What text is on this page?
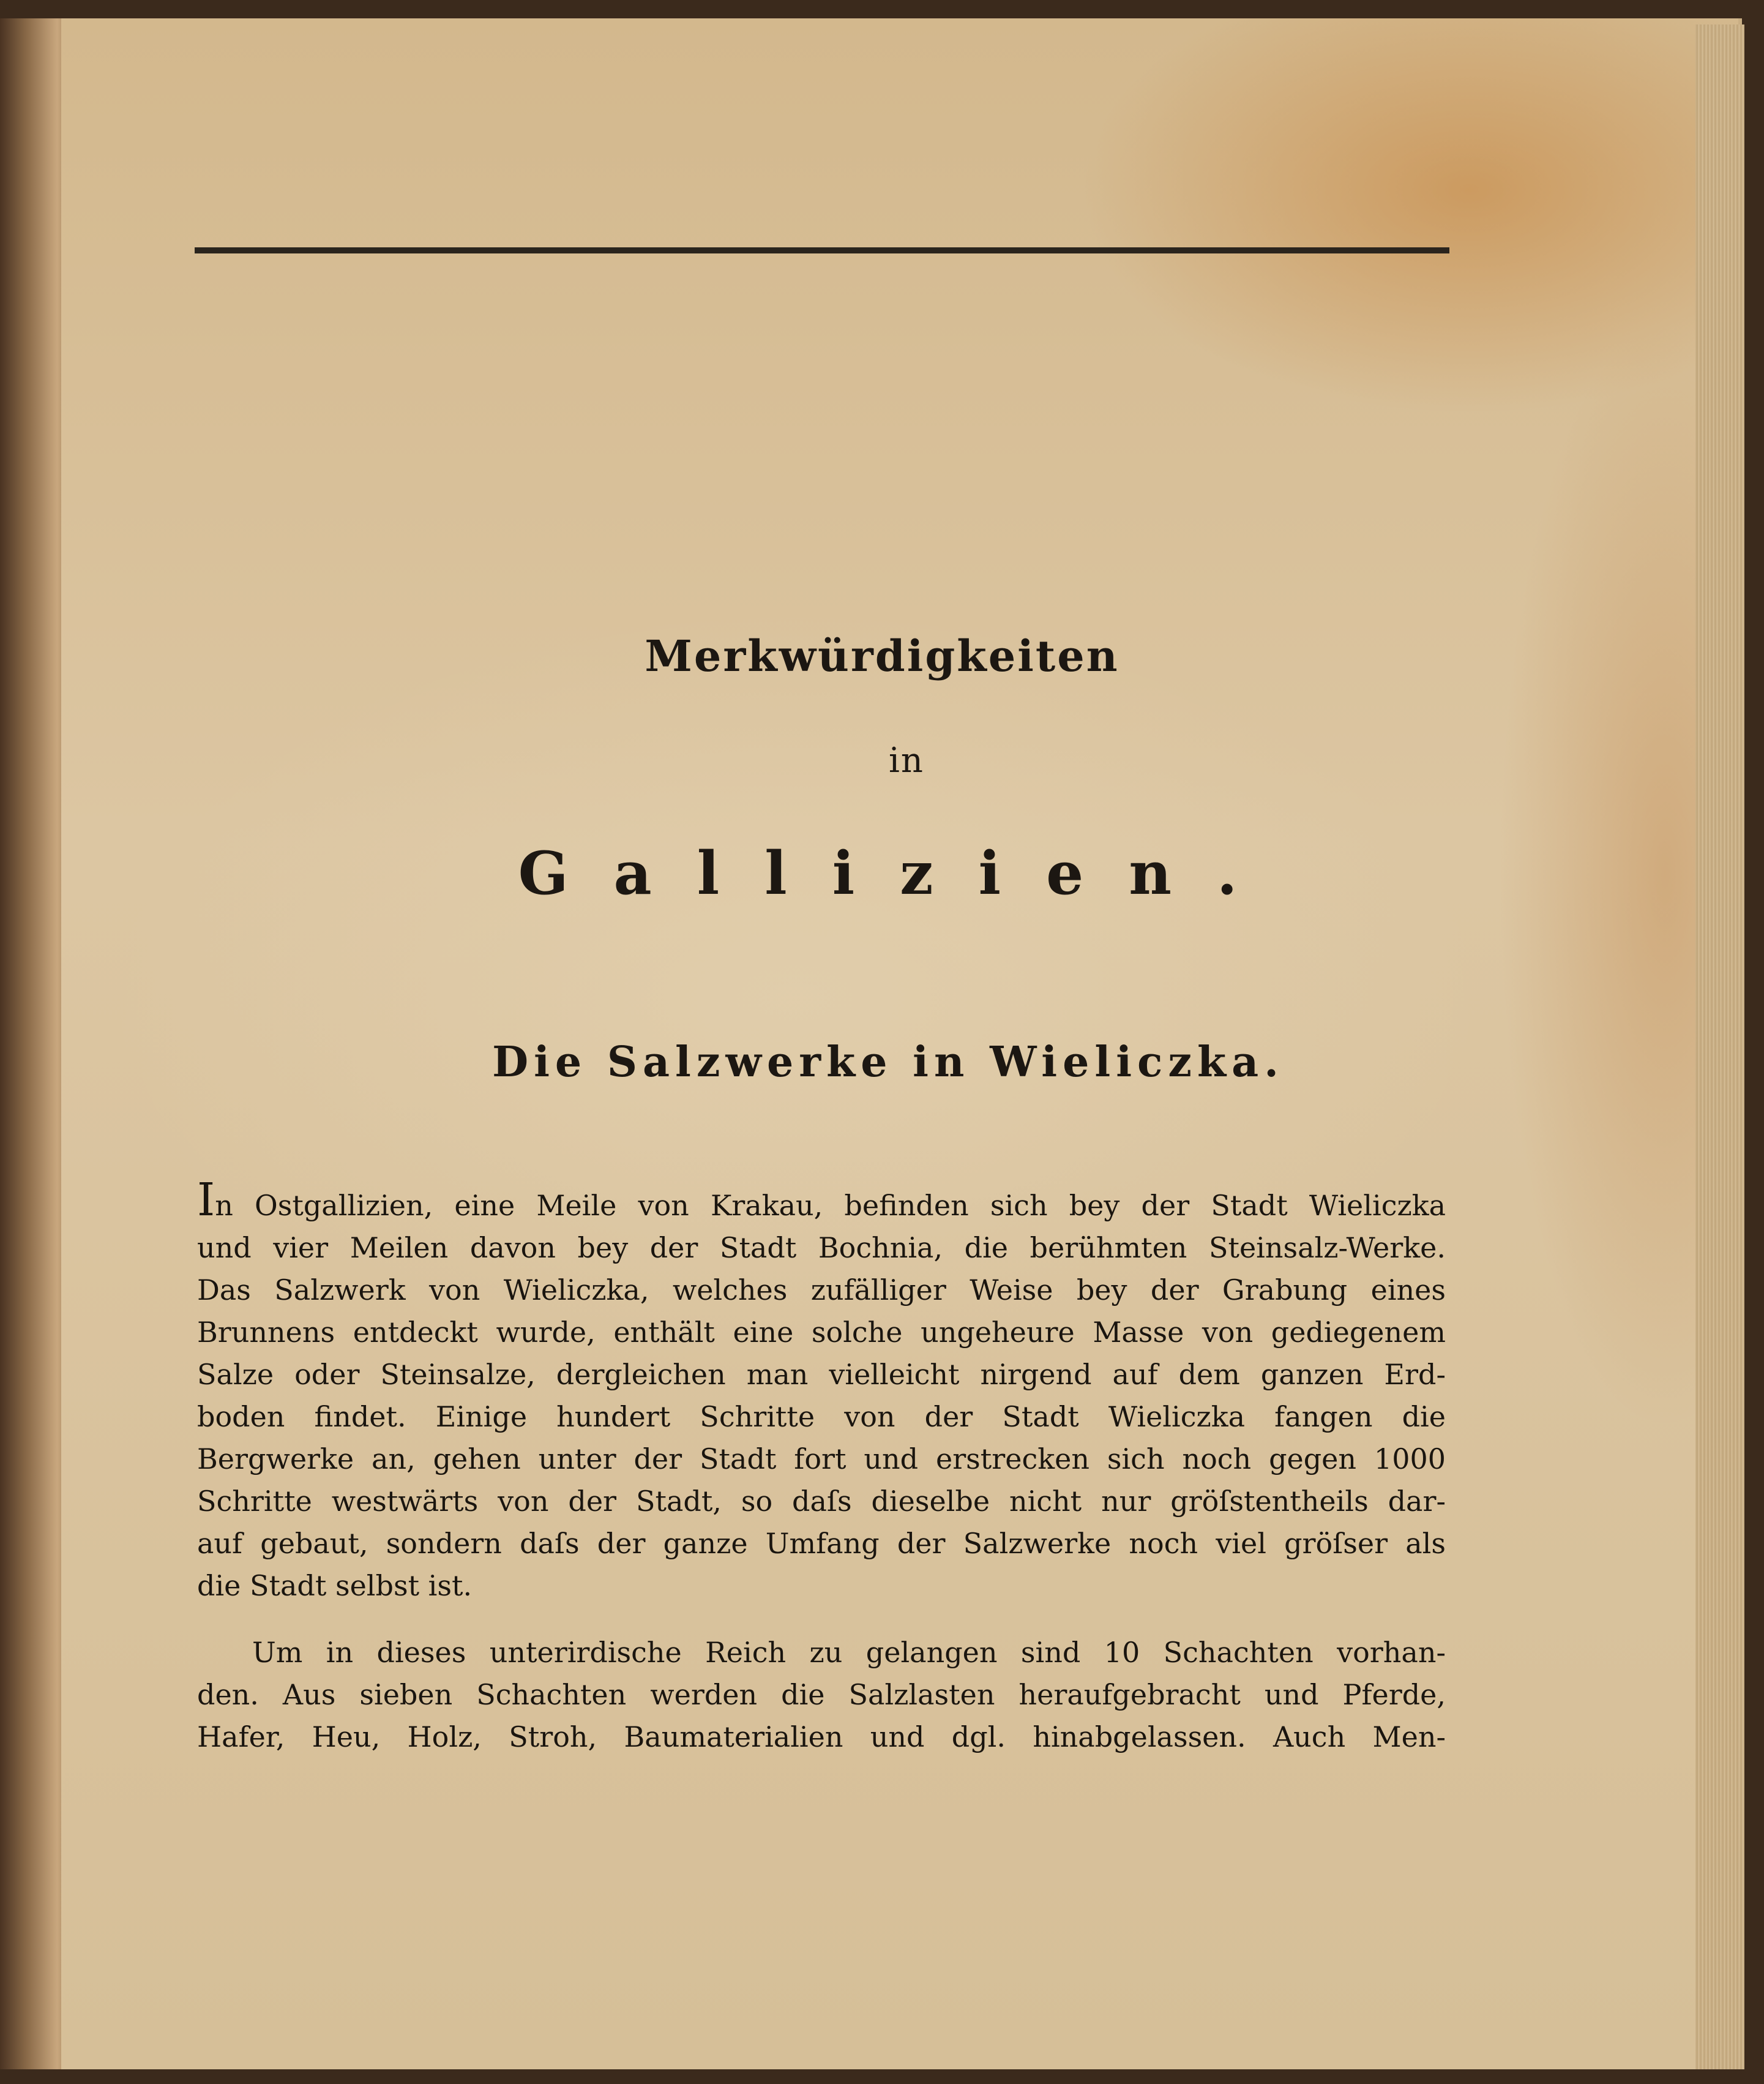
Merkwürdigkeiten
in
Gallizien.
Die Salzwerke in Wieliczka.
In Ostgallizien, eine Meile von Krakau, befinden sich bey der Stadt Wieliczka
und vier Meilen davon bey der Stadt Bochnia, die berühmten Steinsalz-Werke.
Das Salzwerk von Wieliczka, welches zufälliger Weise bey der Grabung eines
Brunnens entdeckt wurde, enthält eine solche ungeheure Masse von gediegenem
Salze oder Steinsalze, dergleichen man vielleicht nirgend auf dem ganzen Erd-
boden findet. Einige hundert Schritte von der Stadt Wieliczka fangen die
Bergwerke an, gehen unter der Stadt fort und erstrecken sich noch gegen 1000
Schritte westwärts von der Stadt, so daſs dieselbe nicht nur gröſstentheils dar-
auf gebaut, sondern daſs der ganze Umfang der Salzwerke noch viel gröſser als
die Stadt selbst ist.
Um in dieses unterirdische Reich zu gelangen sind 10 Schachten vorhan-
den. Aus sieben Schachten werden die Salzlasten heraufgebracht und Pferde,
Hafer, Heu, Holz, Stroh, Baumaterialien und dgl. hinabgelassen. Auch Men-
